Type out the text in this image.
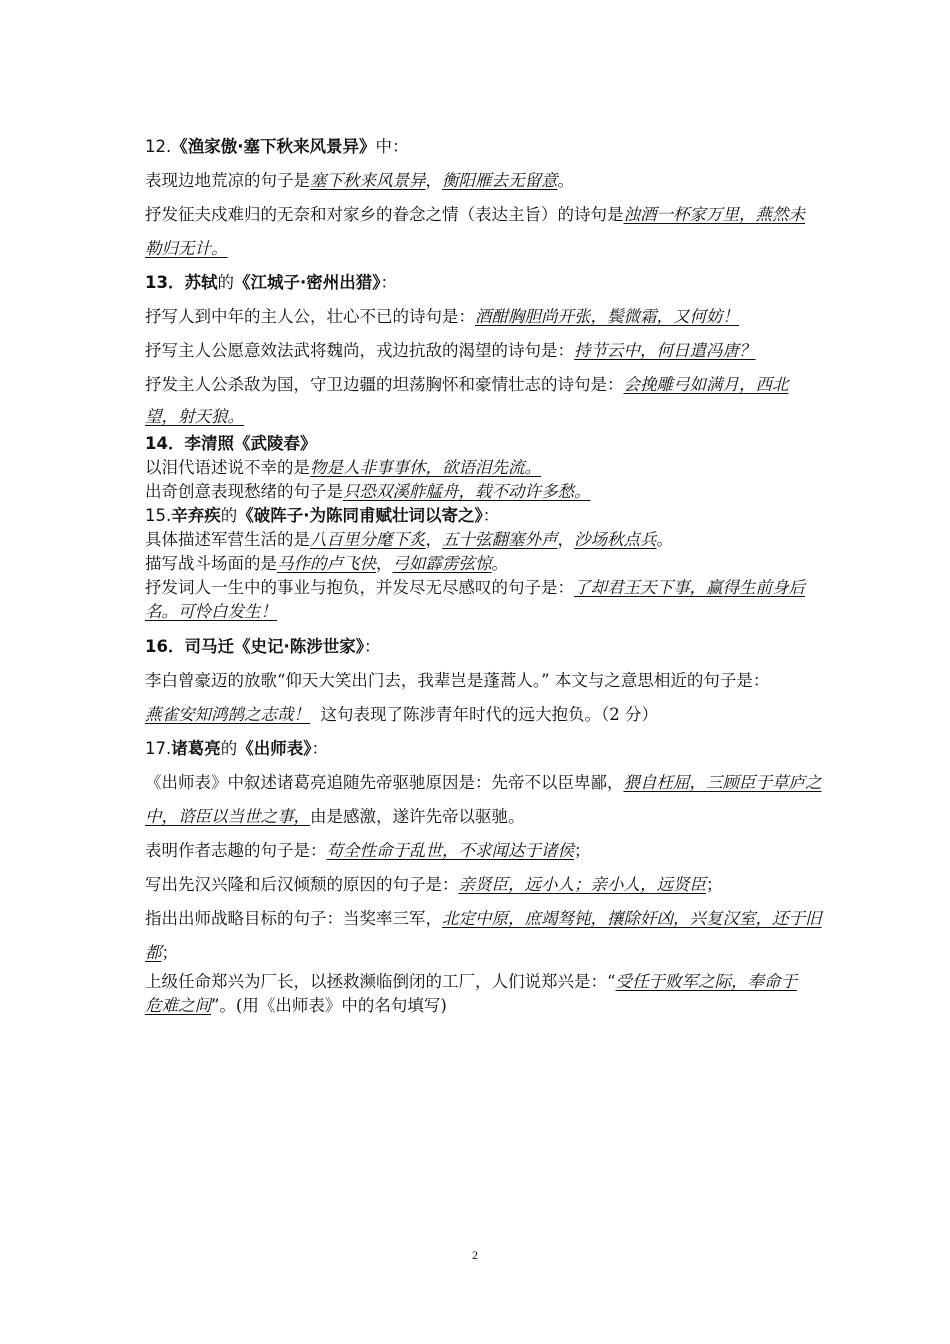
12.《渔家傲·塞下秋来风景异》中：
表现边地荒凉的句子是塞下秋来风景异，衡阳雁去无留意。
抒发征夫戍难归的无奈和对家乡的眷念之情（表达主旨）的诗句是浊酒一杯家万里，燕然未
勒归无计。
13．苏轼的《江城子·密州出猎》：
抒写人到中年的主人公，壮心不已的诗句是：酒酣胸胆尚开张，鬓微霜，又何妨！
抒写主人公愿意效法武将魏尚，戎边抗敌的渴望的诗句是：持节云中，何日遣冯唐？
抒发主人公杀敌为国，守卫边疆的坦荡胸怀和豪情壮志的诗句是：会挽雕弓如满月，西北
望，射天狼。
14．李清照《武陵春》
以泪代语述说不幸的是物是人非事事休，欲语泪先流。
出奇创意表现愁绪的句子是只恐双溪舴艋舟，载不动许多愁。
15.辛弃疾的《破阵子·为陈同甫赋壮词以寄之》：
具体描述军营生活的是八百里分麾下炙，五十弦翻塞外声，沙场秋点兵。
描写战斗场面的是马作的卢飞快，弓如霹雳弦惊。
抒发词人一生中的事业与抱负，并发尽无尽感叹的句子是：了却君王天下事，赢得生前身后
名。可怜白发生！
16．司马迁《史记·陈涉世家》：
李白曾豪迈的放歌“仰天大笑出门去，我辈岂是蓬蒿人。” 本文与之意思相近的句子是：
燕雀安知鸿鹄之志哉！  这句表现了陈涉青年时代的远大抱负。（2 分）
17.诸葛亮的《出师表》：
《出师表》中叙述诸葛亮追随先帝驱驰原因是：先帝不以臣卑鄙，猥自枉屈，三顾臣于草庐之
中，谘臣以当世之事，由是感激，遂许先帝以驱驰。
表明作者志趣的句子是：苟全性命于乱世，不求闻达于诸侯；
写出先汉兴隆和后汉倾颓的原因的句子是：亲贤臣，远小人；亲小人，远贤臣；
指出出师战略目标的句子：当奖率三军，北定中原，庶竭驽钝，攘除奸凶，兴复汉室，还于旧
都；
上级任命郑兴为厂长，以拯救濒临倒闭的工厂，人们说郑兴是：“受任于败军之际，奉命于
危难之间”。(用《出师表》中的名句填写)
2
